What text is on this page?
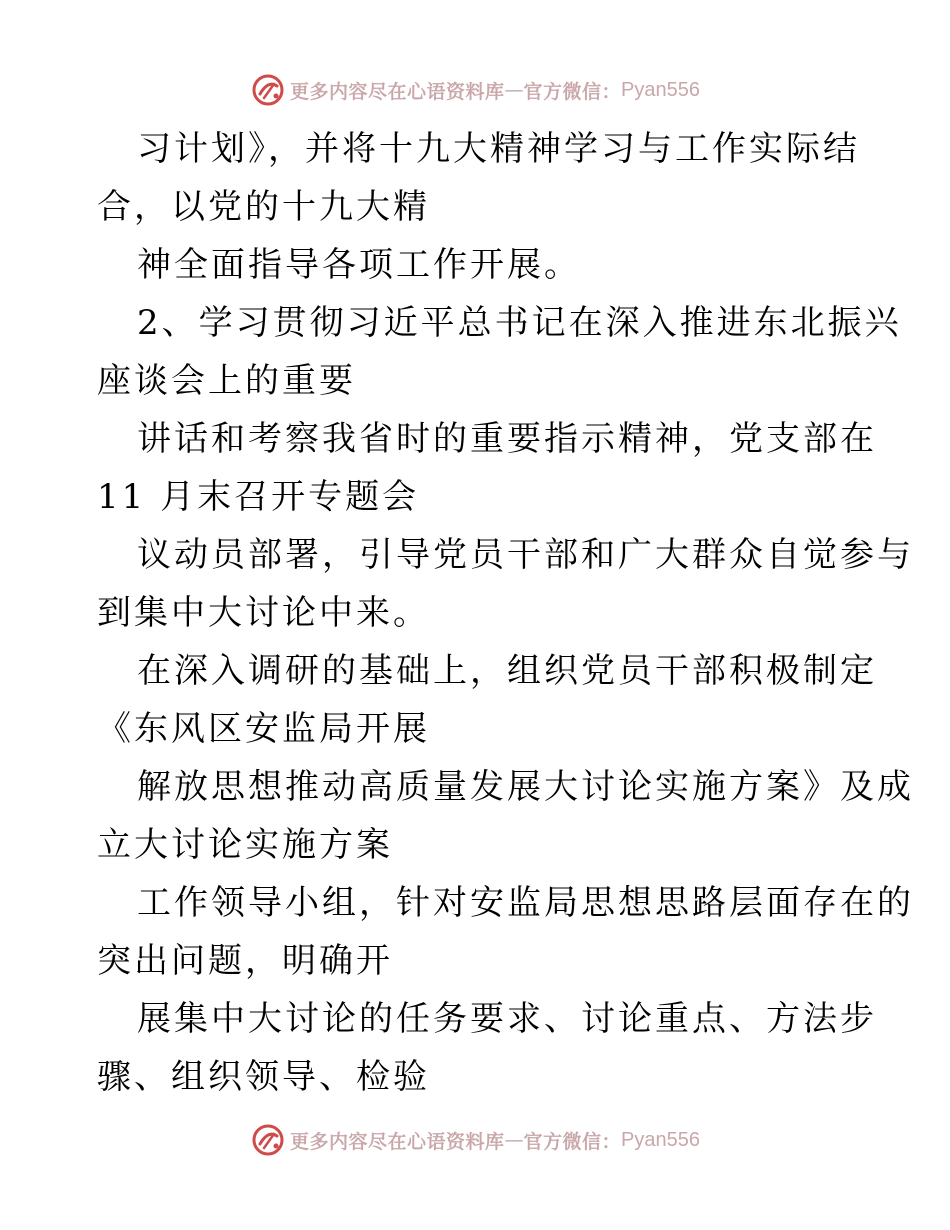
更多内容尽在心语资料库 — 官方微信： Pyan556
习计划》，并将十九大精神学习与工作实际结
合，以党的十九大精
神全面指导各项工作开展。
2、学习贯彻习近平总书记在深入推进东北振兴
座谈会上的重要
讲话和考察我省时的重要指示精神，党支部在
11 月末召开专题会
议动员部署，引导党员干部和广大群众自觉参与
到集中大讨论中来。
在深入调研的基础上，组织党员干部积极制定
《东风区安监局开展
解放思想推动高质量发展大讨论实施方案》及成
立大讨论实施方案
工作领导小组，针对安监局思想思路层面存在的
突出问题，明确开
展集中大讨论的任务要求、讨论重点、方法步
骤、组织领导、检验
更多内容尽在心语资料库 — 官方微信： Pyan556
